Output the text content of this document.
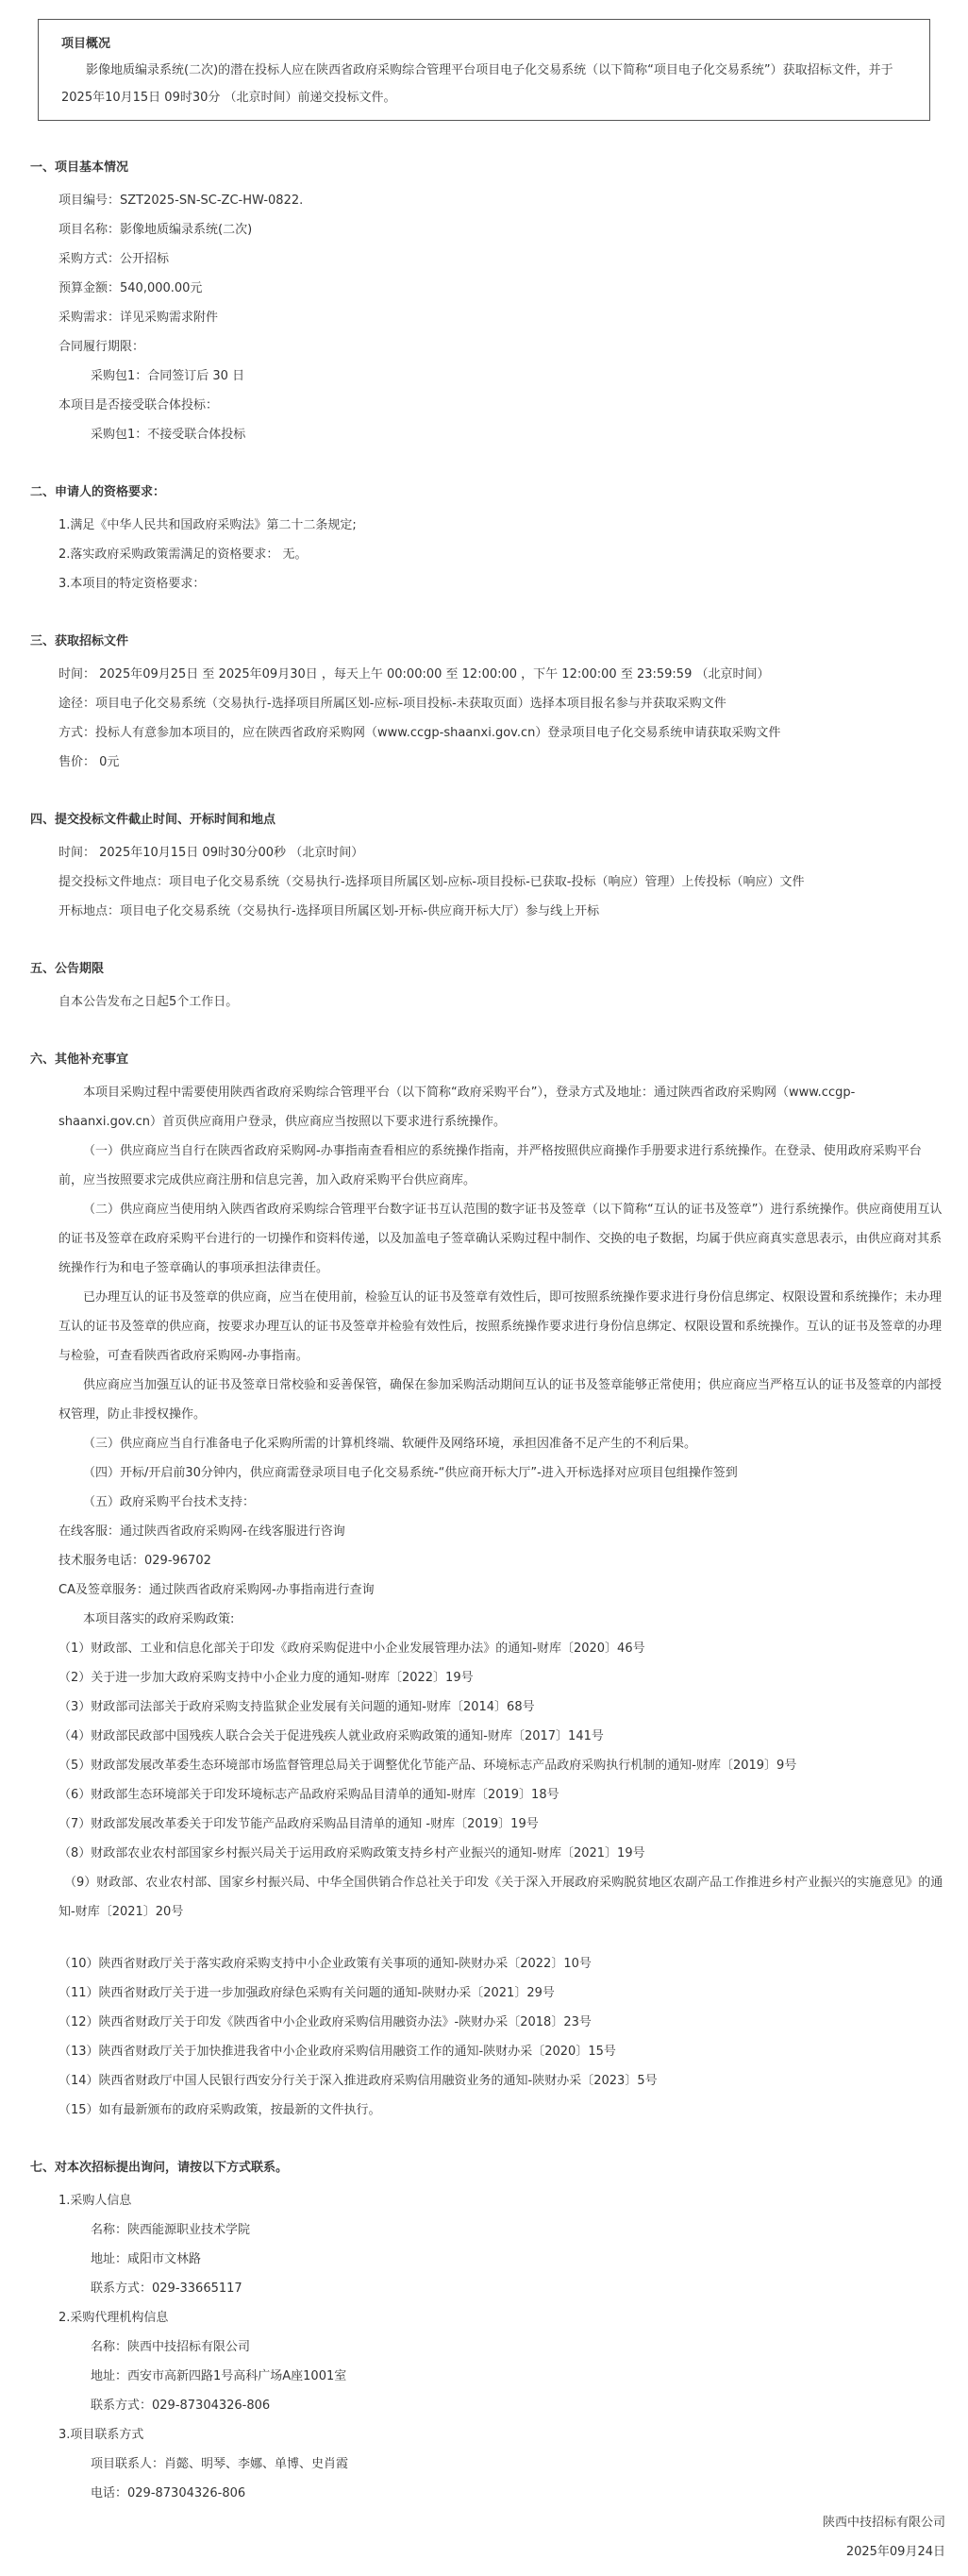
项目概况
影像地质编录系统(二次)的潜在投标人应在陕西省政府采购综合管理平台项目电子化交易系统（以下简称“项目电子化交易系统”）获取招标文件，并于 2025年10月15日 09时30分 （北京时间）前递交投标文件。
一、项目基本情况
项目编号：SZT2025-SN-SC-ZC-HW-0822.
项目名称：影像地质编录系统(二次)
采购方式：公开招标
预算金额：540,000.00元
采购需求：详见采购需求附件
合同履行期限：
采购包1：合同签订后 30 日
本项目是否接受联合体投标：
采购包1：不接受联合体投标
二、申请人的资格要求：
1.满足《中华人民共和国政府采购法》第二十二条规定;
2.落实政府采购政策需满足的资格要求： 无。
3.本项目的特定资格要求：
三、获取招标文件
时间： 2025年09月25日 至 2025年09月30日 ，每天上午 00:00:00 至 12:00:00 ，下午 12:00:00 至 23:59:59 （北京时间）
途径：项目电子化交易系统（交易执行-选择项目所属区划-应标-项目投标-未获取页面）选择本项目报名参与并获取采购文件
方式：投标人有意参加本项目的，应在陕西省政府采购网（www.ccgp-shaanxi.gov.cn）登录项目电子化交易系统申请获取采购文件
售价： 0元
四、提交投标文件截止时间、开标时间和地点
时间： 2025年10月15日 09时30分00秒 （北京时间）
提交投标文件地点：项目电子化交易系统（交易执行-选择项目所属区划-应标-项目投标-已获取-投标（响应）管理）上传投标（响应）文件
开标地点：项目电子化交易系统（交易执行-选择项目所属区划-开标-供应商开标大厅）参与线上开标
五、公告期限
自本公告发布之日起5个工作日。
六、其他补充事宜
本项目采购过程中需要使用陕西省政府采购综合管理平台（以下简称“政府采购平台”），登录方式及地址：通过陕西省政府采购网（www.ccgp-shaanxi.gov.cn）首页供应商用户登录，供应商应当按照以下要求进行系统操作。
（一）供应商应当自行在陕西省政府采购网-办事指南查看相应的系统操作指南，并严格按照供应商操作手册要求进行系统操作。在登录、使用政府采购平台前，应当按照要求完成供应商注册和信息完善，加入政府采购平台供应商库。
（二）供应商应当使用纳入陕西省政府采购综合管理平台数字证书互认范围的数字证书及签章（以下简称“互认的证书及签章”）进行系统操作。供应商使用互认的证书及签章在政府采购平台进行的一切操作和资料传递，以及加盖电子签章确认采购过程中制作、交换的电子数据，均属于供应商真实意思表示，由供应商对其系统操作行为和电子签章确认的事项承担法律责任。
已办理互认的证书及签章的供应商，应当在使用前，检验互认的证书及签章有效性后，即可按照系统操作要求进行身份信息绑定、权限设置和系统操作；未办理互认的证书及签章的供应商，按要求办理互认的证书及签章并检验有效性后，按照系统操作要求进行身份信息绑定、权限设置和系统操作。互认的证书及签章的办理与检验，可查看陕西省政府采购网-办事指南。
供应商应当加强互认的证书及签章日常校验和妥善保管，确保在参加采购活动期间互认的证书及签章能够正常使用；供应商应当严格互认的证书及签章的内部授权管理，防止非授权操作。
（三）供应商应当自行准备电子化采购所需的计算机终端、软硬件及网络环境，承担因准备不足产生的不利后果。
（四）开标/开启前30分钟内，供应商需登录项目电子化交易系统-“供应商开标大厅”-进入开标选择对应项目包组操作签到
（五）政府采购平台技术支持：
在线客服：通过陕西省政府采购网-在线客服进行咨询
技术服务电话：029-96702
CA及签章服务：通过陕西省政府采购网-办事指南进行查询
本项目落实的政府采购政策:
（1）财政部、工业和信息化部关于印发《政府采购促进中小企业发展管理办法》的通知-财库〔2020〕46号
（2）关于进一步加大政府采购支持中小企业力度的通知-财库〔2022〕19号
（3）财政部司法部关于政府采购支持监狱企业发展有关问题的通知-财库〔2014〕68号
（4）财政部民政部中国残疾人联合会关于促进残疾人就业政府采购政策的通知-财库〔2017〕141号
（5）财政部发展改革委生态环境部市场监督管理总局关于调整优化节能产品、环境标志产品政府采购执行机制的通知-财库〔2019〕9号
（6）财政部生态环境部关于印发环境标志产品政府采购品目清单的通知-财库〔2019〕18号
（7）财政部发展改革委关于印发节能产品政府采购品目清单的通知 -财库〔2019〕19号
（8）财政部农业农村部国家乡村振兴局关于运用政府采购政策支持乡村产业振兴的通知-财库〔2021〕19号
（9）财政部、农业农村部、国家乡村振兴局、中华全国供销合作总社关于印发《关于深入开展政府采购脱贫地区农副产品工作推进乡村产业振兴的实施意见》的通知-财库〔2021〕20号
（10）陕西省财政厅关于落实政府采购支持中小企业政策有关事项的通知-陕财办采〔2022〕10号
（11）陕西省财政厅关于进一步加强政府绿色采购有关问题的通知-陕财办采〔2021〕29号
（12）陕西省财政厅关于印发《陕西省中小企业政府采购信用融资办法》-陕财办采〔2018〕23号
（13）陕西省财政厅关于加快推进我省中小企业政府采购信用融资工作的通知-陕财办采〔2020〕15号
（14）陕西省财政厅中国人民银行西安分行关于深入推进政府采购信用融资业务的通知-陕财办采〔2023〕5号
（15）如有最新颁布的政府采购政策，按最新的文件执行。
七、对本次招标提出询问，请按以下方式联系。
1.采购人信息
名称：陕西能源职业技术学院
地址：咸阳市文林路
联系方式：029-33665117
2.采购代理机构信息
名称：陕西中技招标有限公司
地址：西安市高新四路1号高科广场A座1001室
联系方式：029-87304326-806
3.项目联系方式
项目联系人：肖懿、明琴、李娜、单博、史肖霞
电话：029-87304326-806
陕西中技招标有限公司
2025年09月24日
